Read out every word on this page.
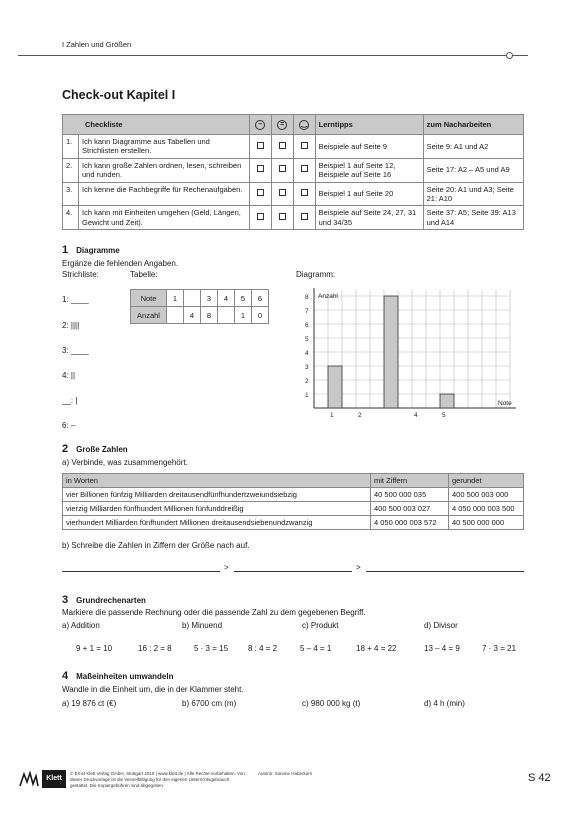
I Zahlen und Größen
Check-out Kapitel I
Checkliste		–	=	‿	Lerntipps	zum Nacharbeiten
1.	Ich kann Diagramme aus Tabellen und Strichlisten erstellen.				Beispiele auf Seite 9	Seite 9: A1 und A2
2.	Ich kann große Zahlen ordnen, lesen, schreiben und runden.				Beispiel 1 auf Seite 12, Beispiele auf Seite 16	Seite 17: A2 – A5 und A9
3.	Ich kenne die Fachbegriffe für Rechenaufgaben.				Beispiel 1 auf Seite 20	Seite 20: A1 und A3; Seite 21: A10
4.	Ich kann mit Einheiten umgehen (Geld, Längen, Gewicht und Zeit).				Beispiele auf Seite 24, 27, 31 und 34/35	Seite 37: A5; Seite 39: A13 und A14
1 Diagramme
Ergänze die fehlenden Angaben.
Strichliste:	Tabelle:	Diagramm:
1: ____
2: ||||
3: ____
4: ||
__: |
6: –
Note	1		3	4	5	6
Anzahl		4	8		1	0
1
2
3
4
5
6
7
8
1	2	4	5
Anzahl
Note
2 Große Zahlen
a) Verbinde, was zusammengehört.
in Worten	mit Ziffern	gerundet
vier Billionen fünfzig Milliarden dreitausendfünfhundertzweiundsiebzig	40 500 000 035	400 500 003 000
vierzig Milliarden fünfhundert Millionen fünfunddreißig	400 500 003 027	4 050 000 003 500
vierhundert Milliarden fünfhundert Millionen dreitausendsiebenundzwanzig	4 050 000 003 572	40 500 000 000
b) Schreibe die Zahlen in Ziffern der Größe nach auf.
>	>
3 Grundrechenarten
Markiere die passende Rechnung oder die passende Zahl zu dem gegebenen Begriff.
a) Addition	b) Minuend	c) Produkt	d) Divisor
9 + 1 = 10	16 : 2 = 8	5 · 3 = 15 8 : 4 = 2	5 – 4 = 1	18 + 4 = 22	13 – 4 = 9	7 · 3 = 21
4 Maßeinheiten umwandeln
Wandle in die Einheit um, die in der Klammer steht.
a) 19 876 ct (€)	b) 6700 cm (m)	c) 980 000 kg (t)	d) 4 h (min)
Klett
© Ernst Klett Verlag GmbH, Stuttgart 2019 | www.klett.de | Alle Rechte vorbehalten. Von dieser Druckvorlage ist die Vervielfältigung für den eigenen Unterrichtsgebrauch gestattet. Die Kopiergebühren sind abgegolten.
Autorin: Simone Haberkorn	S 42
